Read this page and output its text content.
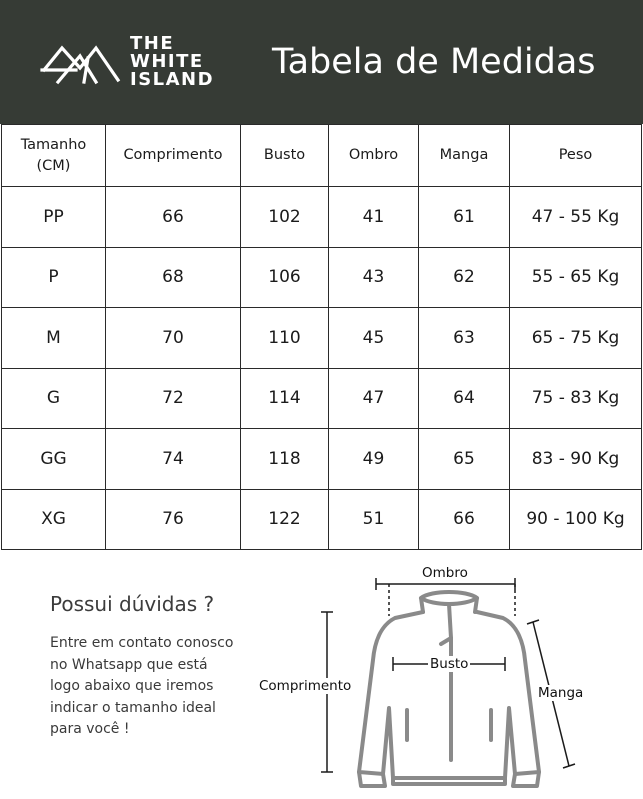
THE
WHITE
ISLAND Tabela de Medidas
Tamanho
(CM)	Comprimento	Busto	Ombro	Manga	Peso
PP	66	102	41	61	47 - 55 Kg
P	68	106	43	62	55 - 65 Kg
M	70	110	45	63	65 - 75 Kg
G	72	114	47	64	75 - 83 Kg
GG	74	118	49	65	83 - 90 Kg
XG	76	122	51	66	90 - 100 Kg
Possui dúvidas ?
Entre em contato conosco
no Whatsapp que está
logo abaixo que iremos
indicar o tamanho ideal
para você !
Ombro
Busto
Comprimento	Manga
